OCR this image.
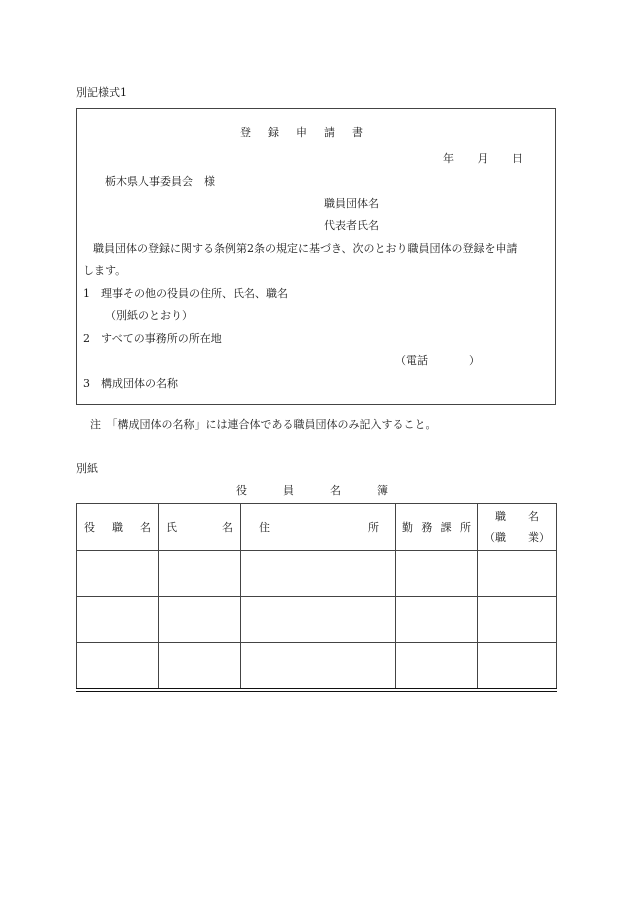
別記様式1
登録申請書
年 月 日
栃木県人事委員会　様
職員団体名
代表者氏名
職員団体の登録に関する条例第2条の規定に基づき、次のとおり職員団体の登録を申請
します。
1　理事その他の役員の住所、氏名、職名
（別紙のとおり）
2　すべての事務所の所在地
（電話	）
3　構成団体の名称
注　「構成団体の名称」には連合体である職員団体のみ記入すること。
別紙
役員名簿
役 職 名	氏 名	住 所	勤 務 課 所	職　　名
（職　　業）
